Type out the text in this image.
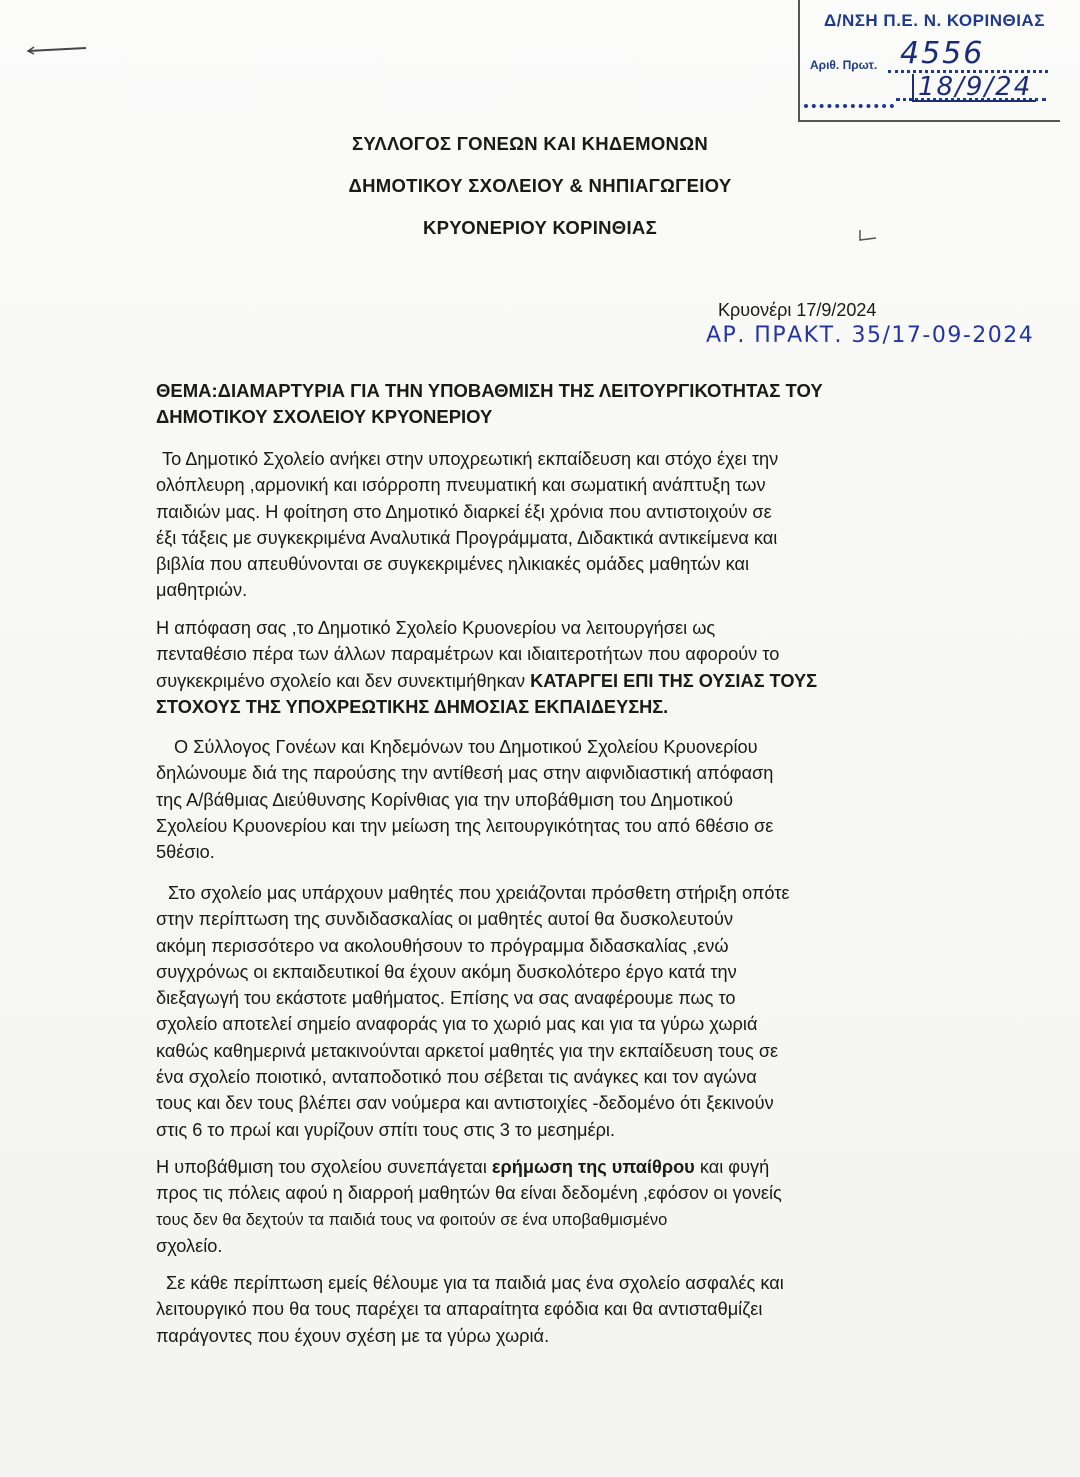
Δ/ΝΣΗ Π.Ε. Ν. ΚΟΡΙΝΘΙΑΣ
Αριθ. Πρωτ. 4556
18/9/24
ΣΥΛΛΟΓΟΣ ΓΟΝΕΩΝ ΚΑΙ ΚΗΔΕΜΟΝΩΝ
ΔΗΜΟΤΙΚΟΥ ΣΧΟΛΕΙΟΥ & ΝΗΠΙΑΓΩΓΕΙΟΥ
ΚΡΥΟΝΕΡΙΟΥ ΚΟΡΙΝΘΙΑΣ
Κρυονέρι 17/9/2024
ΑΡ. ΠΡΑΚΤ. 35/17-09-2024
ΘΕΜΑ:ΔΙΑΜΑΡΤΥΡΙΑ ΓΙΑ ΤΗΝ ΥΠΟΒΑΘΜΙΣΗ ΤΗΣ ΛΕΙΤΟΥΡΓΙΚΟΤΗΤΑΣ ΤΟΥ
ΔΗΜΟΤΙΚΟΥ ΣΧΟΛΕΙΟΥ ΚΡΥΟΝΕΡΙΟΥ
Το Δημοτικό Σχολείο ανήκει στην υποχρεωτική εκπαίδευση και στόχο έχει την
ολόπλευρη ,αρμονική και ισόρροπη πνευματική και σωματική ανάπτυξη των
παιδιών μας. Η φοίτηση στο Δημοτικό διαρκεί έξι χρόνια που αντιστοιχούν σε
έξι τάξεις με συγκεκριμένα Αναλυτικά Προγράμματα, Διδακτικά αντικείμενα και
βιβλία που απευθύνονται σε συγκεκριμένες ηλικιακές ομάδες μαθητών και
μαθητριών.
Η απόφαση σας ,το Δημοτικό Σχολείο Κρυονερίου να λειτουργήσει ως
πενταθέσιο πέρα των άλλων παραμέτρων και ιδιαιτεροτήτων που αφορούν το
συγκεκριμένο σχολείο και δεν συνεκτιμήθηκαν ΚΑΤΑΡΓΕΙ ΕΠΙ ΤΗΣ ΟΥΣΙΑΣ ΤΟΥΣ
ΣΤΟΧΟΥΣ ΤΗΣ ΥΠΟΧΡΕΩΤΙΚΗΣ ΔΗΜΟΣΙΑΣ ΕΚΠΑΙΔΕΥΣΗΣ.
Ο Σύλλογος Γονέων και Κηδεμόνων του Δημοτικού Σχολείου Κρυονερίου
δηλώνουμε διά της παρούσης την αντίθεσή μας στην αιφνιδιαστική απόφαση
της Α/βάθμιας Διεύθυνσης Κορίνθιας για την υποβάθμιση του Δημοτικού
Σχολείου Κρυονερίου και την μείωση της λειτουργικότητας του από 6θέσιο σε
5θέσιο.
Στο σχολείο μας υπάρχουν μαθητές που χρειάζονται πρόσθετη στήριξη οπότε
στην περίπτωση της συνδιδασκαλίας οι μαθητές αυτοί θα δυσκολευτούν
ακόμη περισσότερο να ακολουθήσουν το πρόγραμμα διδασκαλίας ,ενώ
συγχρόνως οι εκπαιδευτικοί θα έχουν ακόμη δυσκολότερο έργο κατά την
διεξαγωγή του εκάστοτε μαθήματος. Επίσης να σας αναφέρουμε πως το
σχολείο αποτελεί σημείο αναφοράς για το χωριό μας και για τα γύρω χωριά
καθώς καθημερινά μετακινούνται αρκετοί μαθητές για την εκπαίδευση τους σε
ένα σχολείο ποιοτικό, ανταποδοτικό που σέβεται τις ανάγκες και τον αγώνα
τους και δεν τους βλέπει σαν νούμερα και αντιστοιχίες -δεδομένο ότι ξεκινούν
στις 6 το πρωί και γυρίζουν σπίτι τους στις 3 το μεσημέρι.
Η υποβάθμιση του σχολείου συνεπάγεται ερήμωση της υπαίθρου και φυγή
προς τις πόλεις αφού η διαρροή μαθητών θα είναι δεδομένη ,εφόσον οι γονείς
τους δεν θα δεχτούν τα παιδιά τους να φοιτούν σε ένα υποβαθμισμένο
σχολείο.
Σε κάθε περίπτωση εμείς θέλουμε για τα παιδιά μας ένα σχολείο ασφαλές και
λειτουργικό που θα τους παρέχει τα απαραίτητα εφόδια και θα αντισταθμίζει
παράγοντες που έχουν σχέση με τα γύρω χωριά.
